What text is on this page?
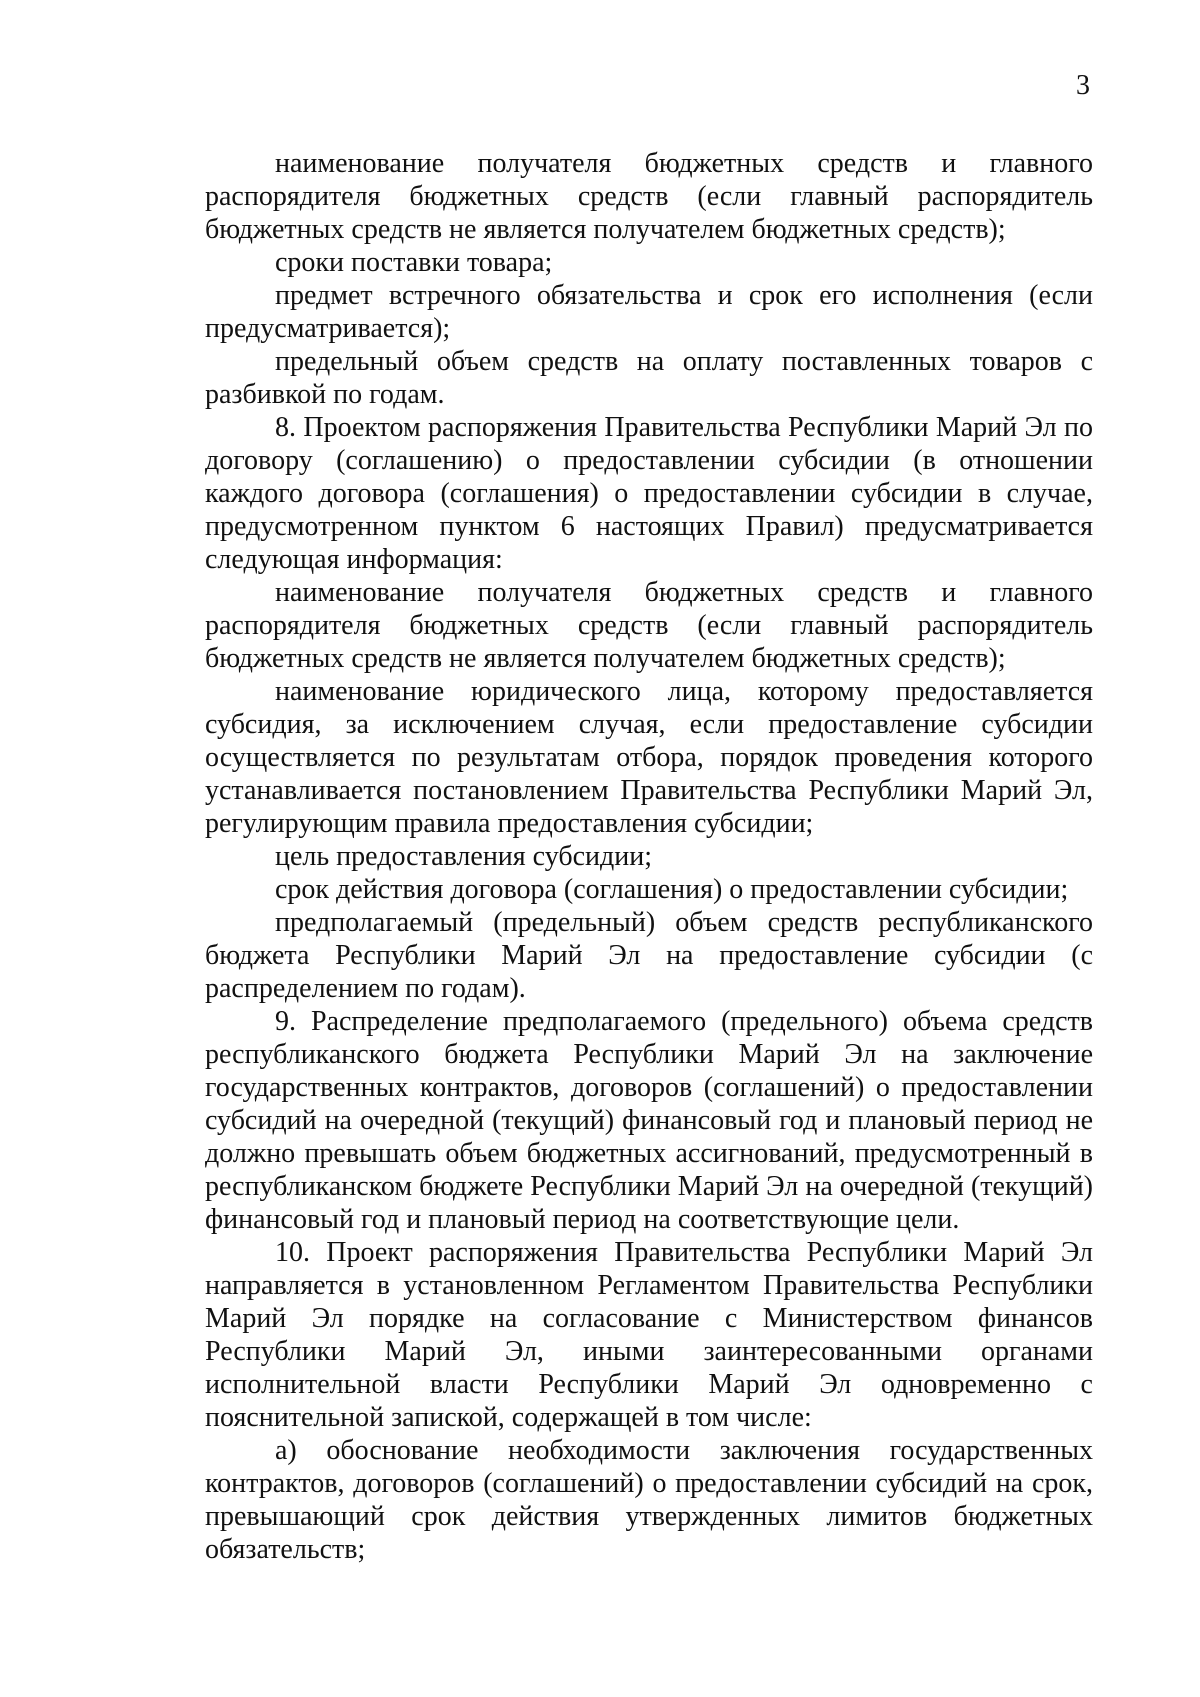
3

наименование получателя бюджетных средств и главного распорядителя бюджетных средств (если главный распорядитель бюджетных средств не является получателем бюджетных средств);

сроки поставки товара;

предмет встречного обязательства и срок его исполнения (если предусматривается);

предельный объем средств на оплату поставленных товаров с разбивкой по годам.

8. Проектом распоряжения Правительства Республики Марий Эл по договору (соглашению) о предоставлении субсидии (в отношении каждого договора (соглашения) о предоставлении субсидии в случае, предусмотренном пунктом 6 настоящих Правил) предусматривается следующая информация:

наименование получателя бюджетных средств и главного распорядителя бюджетных средств (если главный распорядитель бюджетных средств не является получателем бюджетных средств);

наименование юридического лица, которому предоставляется субсидия, за исключением случая, если предоставление субсидии осуществляется по результатам отбора, порядок проведения которого устанавливается постановлением Правительства Республики Марий Эл, регулирующим правила предоставления субсидии;

цель предоставления субсидии;

срок действия договора (соглашения) о предоставлении субсидии;

предполагаемый (предельный) объем средств республиканского бюджета Республики Марий Эл на предоставление субсидии (с распределением по годам).

9. Распределение предполагаемого (предельного) объема средств республиканского бюджета Республики Марий Эл на заключение государственных контрактов, договоров (соглашений) о предоставлении субсидий на очередной (текущий) финансовый год и плановый период не должно превышать объем бюджетных ассигнований, предусмотренный в республиканском бюджете Республики Марий Эл на очередной (текущий) финансовый год и плановый период на соответствующие цели.

10. Проект распоряжения Правительства Республики Марий Эл направляется в установленном Регламентом Правительства Республики Марий Эл порядке на согласование с Министерством финансов Республики Марий Эл, иными заинтересованными органами исполнительной власти Республики Марий Эл одновременно с пояснительной запиской, содержащей в том числе:

а) обоснование необходимости заключения государственных контрактов, договоров (соглашений) о предоставлении субсидий на срок, превышающий срок действия утвержденных лимитов бюджетных обязательств;
